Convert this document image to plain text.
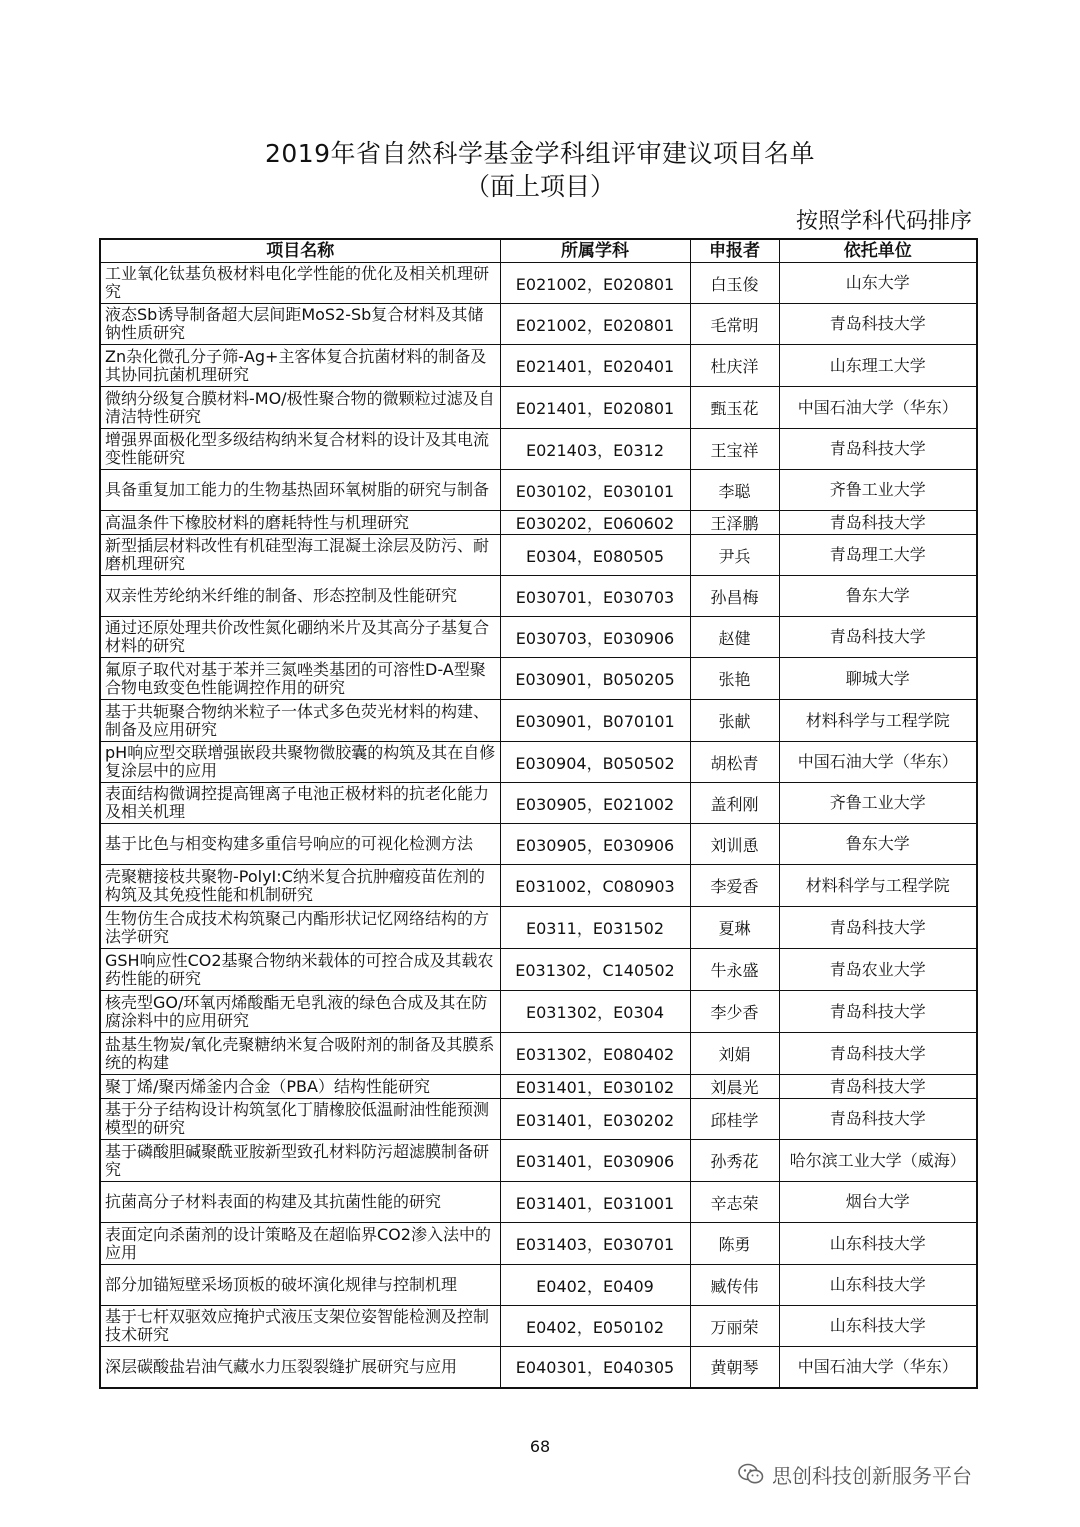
2019年省自然科学基金学科组评审建议项目名单
（面上项目）
按照学科代码排序
项目名称	所属学科	申报者	依托单位

工业氧化钛基负极材料电化学性能的优化及相关机理研究	E021002，E020801	白玉俊	山东大学

液态Sb诱导制备超大层间距MoS2-Sb复合材料及其储钠性质研究	E021002，E020801	毛常明	青岛科技大学

Zn杂化微孔分子筛-Ag+主客体复合抗菌材料的制备及其协同抗菌机理研究	E021401，E020401	杜庆洋	山东理工大学

微纳分级复合膜材料-MO/极性聚合物的微颗粒过滤及自清洁特性研究	E021401，E020801	甄玉花	中国石油大学（华东）

增强界面极化型多级结构纳米复合材料的设计及其电流变性能研究	E021403，E0312	王宝祥	青岛科技大学

具备重复加工能力的生物基热固环氧树脂的研究与制备	E030102，E030101	李聪	齐鲁工业大学

高温条件下橡胶材料的磨耗特性与机理研究	E030202，E060602	王泽鹏	青岛科技大学

新型插层材料改性有机硅型海工混凝土涂层及防污、耐磨机理研究	E0304，E080505	尹兵	青岛理工大学

双亲性芳纶纳米纤维的制备、形态控制及性能研究	E030701，E030703	孙昌梅	鲁东大学

通过还原处理共价改性氮化硼纳米片及其高分子基复合材料的研究	E030703，E030906	赵健	青岛科技大学

氟原子取代对基于苯并三氮唑类基团的可溶性D-A型聚合物电致变色性能调控作用的研究	E030901，B050205	张艳	聊城大学

基于共轭聚合物纳米粒子一体式多色荧光材料的构建、制备及应用研究	E030901，B070101	张献	材料科学与工程学院

pH响应型交联增强嵌段共聚物微胶囊的构筑及其在自修复涂层中的应用	E030904，B050502	胡松青	中国石油大学（华东）

表面结构微调控提高锂离子电池正极材料的抗老化能力及相关机理	E030905，E021002	盖利刚	齐鲁工业大学

基于比色与相变构建多重信号响应的可视化检测方法	E030905，E030906	刘训恿	鲁东大学

壳聚糖接枝共聚物-PolyI:C纳米复合抗肿瘤疫苗佐剂的构筑及其免疫性能和机制研究	E031002，C080903	李爱香	材料科学与工程学院

生物仿生合成技术构筑聚己内酯形状记忆网络结构的方法学研究	E0311，E031502	夏琳	青岛科技大学

GSH响应性CO2基聚合物纳米载体的可控合成及其载农药性能的研究	E031302，C140502	牛永盛	青岛农业大学

核壳型GO/环氧丙烯酸酯无皂乳液的绿色合成及其在防腐涂料中的应用研究	E031302，E0304	李少香	青岛科技大学

盐基生物炭/氧化壳聚糖纳米复合吸附剂的制备及其膜系统的构建	E031302，E080402	刘娟	青岛科技大学

聚丁烯/聚丙烯釜内合金（PBA）结构性能研究	E031401，E030102	刘晨光	青岛科技大学

基于分子结构设计构筑氢化丁腈橡胶低温耐油性能预测模型的研究	E031401，E030202	邱桂学	青岛科技大学

基于磷酸胆碱聚酰亚胺新型致孔材料防污超滤膜制备研究	E031401，E030906	孙秀花	哈尔滨工业大学（威海）

抗菌高分子材料表面的构建及其抗菌性能的研究	E031401，E031001	辛志荣	烟台大学

表面定向杀菌剂的设计策略及在超临界CO2渗入法中的应用	E031403，E030701	陈勇	山东科技大学

部分加锚短壁采场顶板的破坏演化规律与控制机理	E0402，E0409	臧传伟	山东科技大学

基于七杆双驱效应掩护式液压支架位姿智能检测及控制技术研究	E0402，E050102	万丽荣	山东科技大学

深层碳酸盐岩油气藏水力压裂裂缝扩展研究与应用	E040301，E040305	黄朝琴	中国石油大学（华东）
68
思创科技创新服务平台
